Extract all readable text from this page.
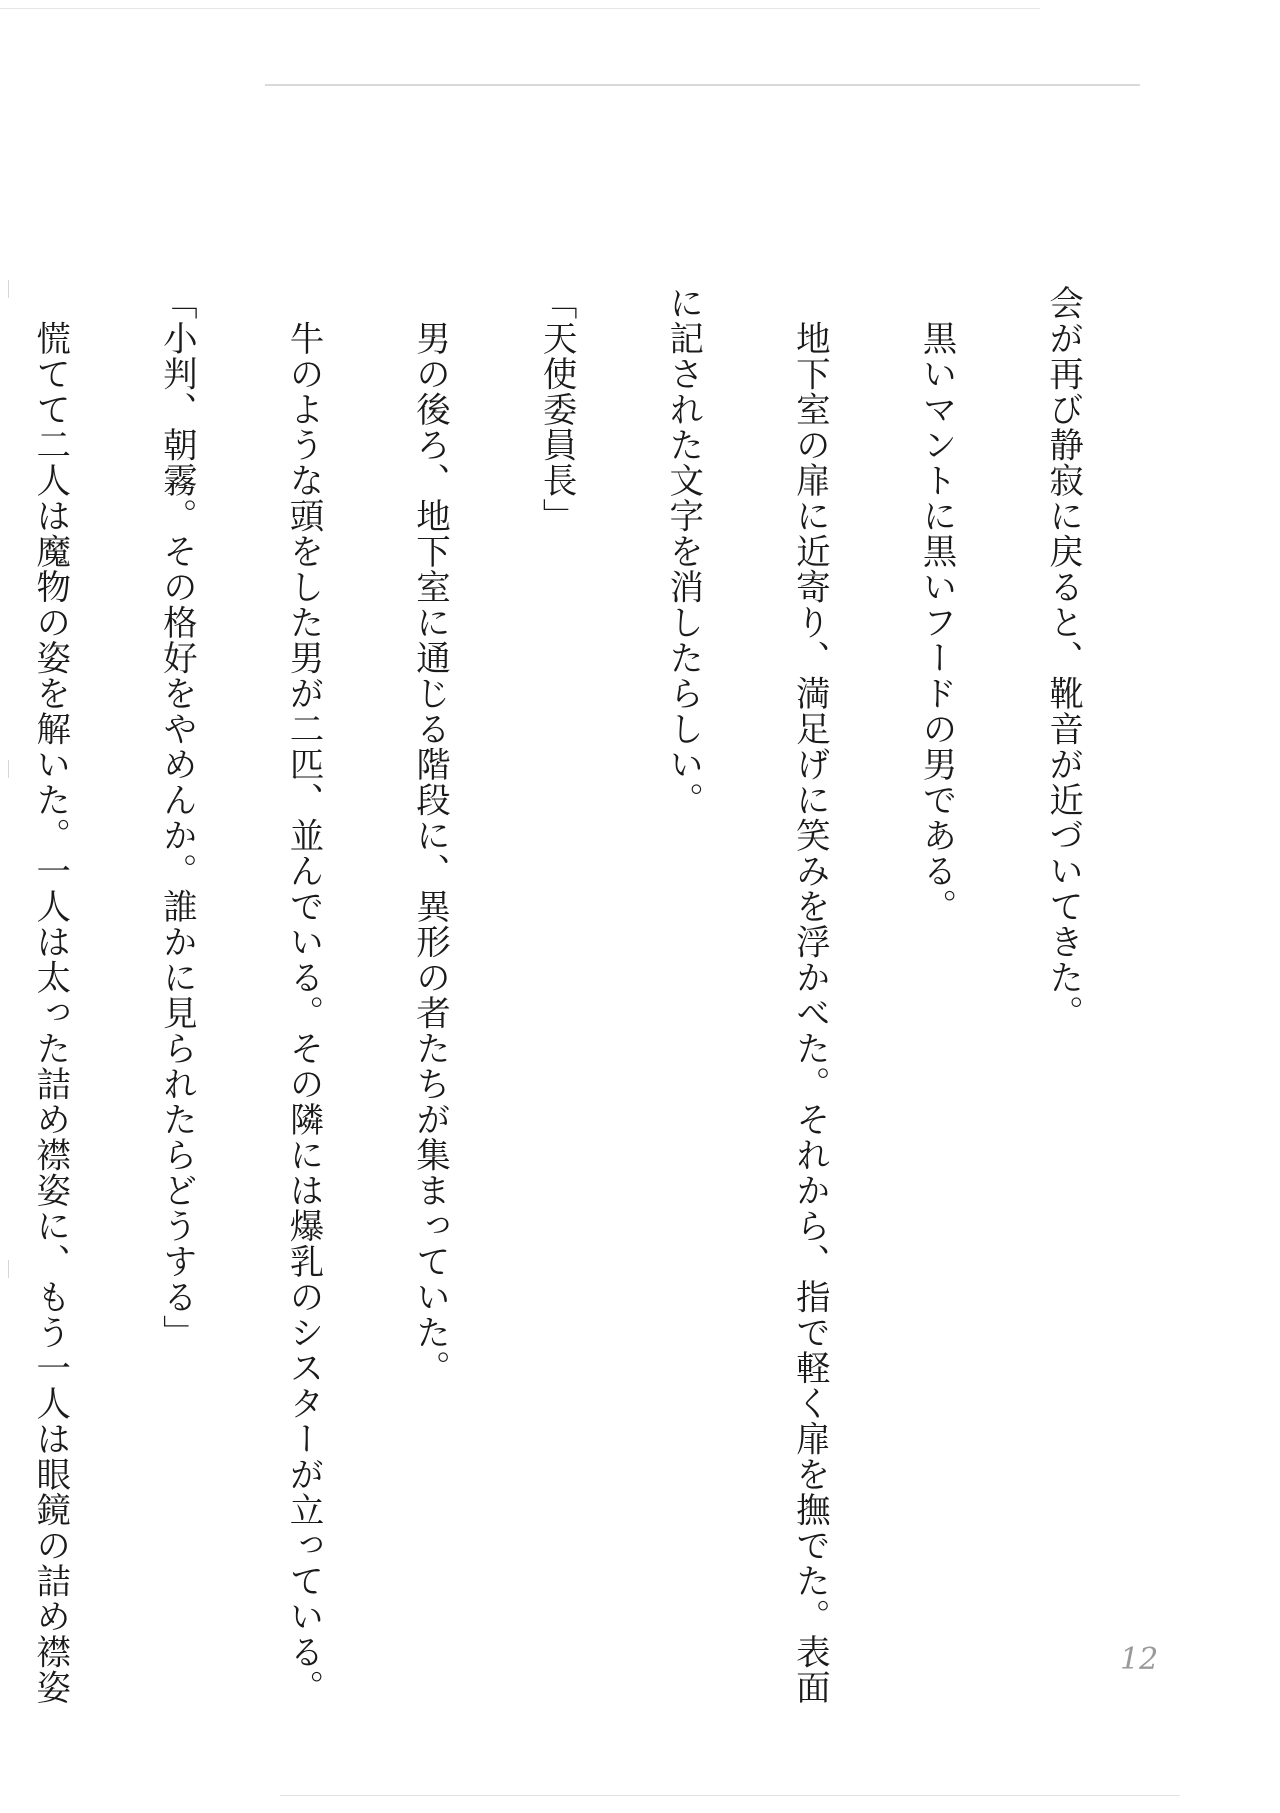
会が再び静寂に戻ると、靴音が近づいてきた。

　黒いマントに黒いフードの男である。

　地下室の扉に近寄り、満足げに笑みを浮かべた。それから、指で軽く扉を撫でた。表面

に記された文字を消したらしい。

「天使委員長」

　男の後ろ、地下室に通じる階段に、異形の者たちが集まっていた。

　牛のような頭をした男が二匹、並んでいる。その隣には爆乳のシスターが立っている。

「小判、朝霧。その格好をやめんか。誰かに見られたらどうする」

　慌てて二人は魔物の姿を解いた。一人は太った詰め襟姿に、もう一人は眼鏡の詰め襟姿

	12
